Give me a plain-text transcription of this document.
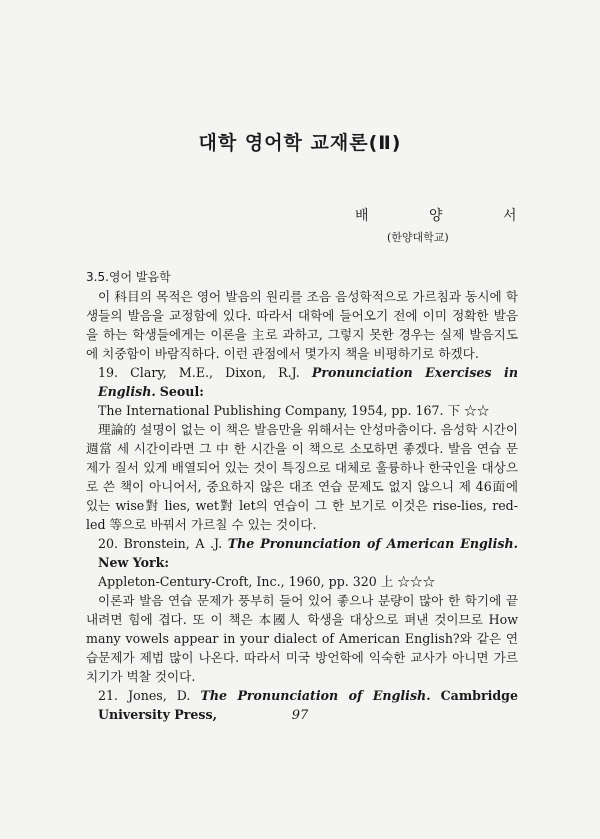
대학 영어학 교재론(Ⅱ)
배 양 서
(한양대학교)
3.5.영어 발음학
이 科目의 목적은 영어 발음의 원리를 조음 음성학적으로 가르침과 동시에 학생들의 발음을 교정함에 있다. 따라서 대학에 들어오기 전에 이미 정확한 발음을 하는 학생들에게는 이론을 主로 과하고, 그렇지 못한 경우는 실제 발음지도에 치중함이 바람직하다. 이런 관점에서 몇가지 책을 비평하기로 하겠다.
19. Clary, M.E., Dixon, R.J. Pronunciation Exercises in English. Seoul:
The International Publishing Company, 1954, pp. 167. 下 ☆☆
理論的 설명이 없는 이 책은 발음만을 위해서는 안성마춤이다. 음성학 시간이 週當 세 시간이라면 그 中 한 시간을 이 책으로 소모하면 좋겠다. 발음 연습 문제가 질서 있게 배열되어 있는 것이 특징으로 대체로 훌륭하나 한국인을 대상으로 쓴 책이 아니어서, 중요하지 않은 대조 연습 문제도 없지 않으니 제 46面에 있는 wise對 lies, wet對 let의 연습이 그 한 보기로 이것은 rise-lies, red-led 等으로 바꿔서 가르칠 수 있는 것이다.
20. Bronstein, A .J. The Pronunciation of American English. New York:
Appleton-Century-Croft, Inc., 1960, pp. 320 上 ☆☆☆
이론과 발음 연습 문제가 풍부히 들어 있어 좋으나 분량이 많아 한 학기에 끝내려면 힘에 겹다. 또 이 책은 本國人 학생을 대상으로 펴낸 것이므로 How many vowels appear in your dialect of American English?와 같은 연습문제가 제법 많이 나온다. 따라서 미국 방언학에 익숙한 교사가 아니면 가르치기가 벅찰 것이다.
21. Jones, D. The Pronunciation of English. Cambridge University Press,	97
